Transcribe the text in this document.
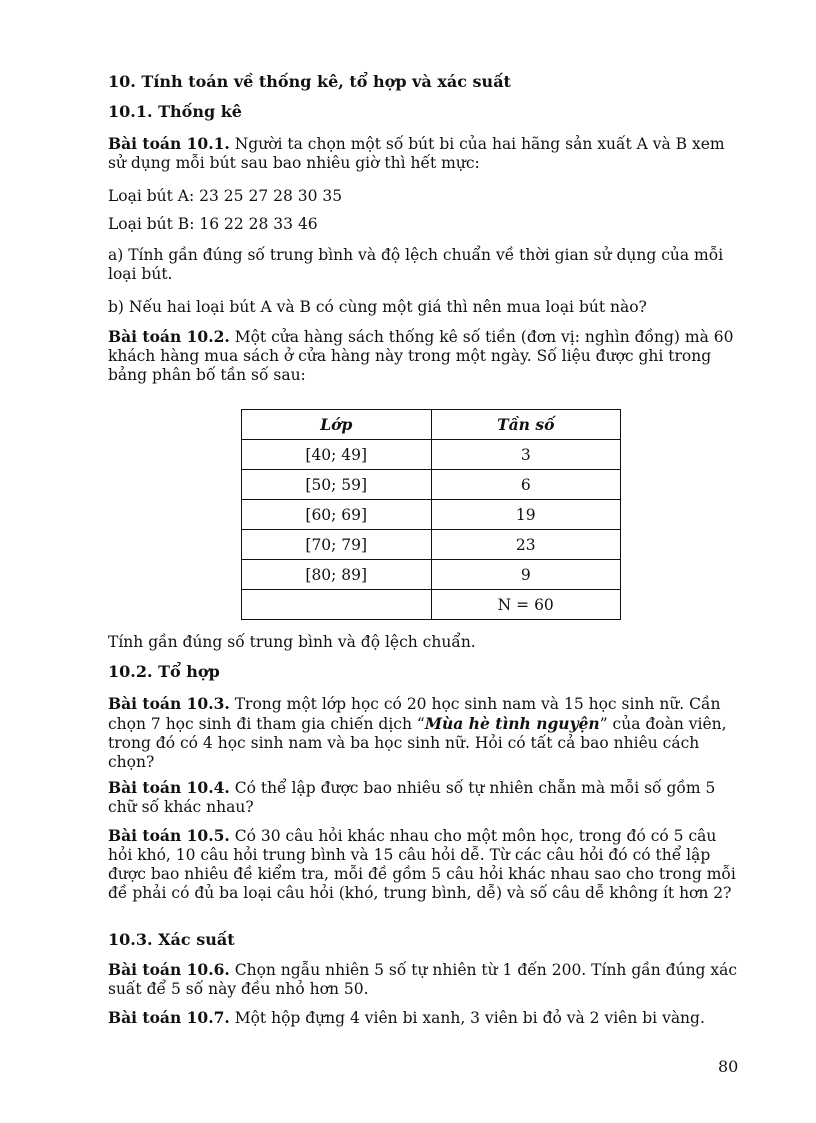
10. Tính toán về thống kê, tổ hợp và xác suất
10.1. Thống kê
Bài toán 10.1. Người ta chọn một số bút bi của hai hãng sản xuất A và B xem sử dụng mỗi bút sau bao nhiêu giờ thì hết mực:
Loại bút A: 23 25 27 28 30 35
Loại bút B: 16 22 28 33 46
a) Tính gần đúng số trung bình và độ lệch chuẩn về thời gian sử dụng của mỗi loại bút.
b) Nếu hai loại bút A và B có cùng một giá thì nên mua loại bút nào?
Bài toán 10.2. Một cửa hàng sách thống kê số tiền (đơn vị: nghìn đồng) mà 60 khách hàng mua sách ở cửa hàng này trong một ngày. Số liệu được ghi trong bảng phân bố tần số sau:
Lớp	Tần số
[40; 49]	3
[50; 59]	6
[60; 69]	19
[70; 79]	23
[80; 89]	9
	N = 60
Tính gần đúng số trung bình và độ lệch chuẩn.
10.2. Tổ hợp
Bài toán 10.3. Trong một lớp học có 20 học sinh nam và 15 học sinh nữ. Cần chọn 7 học sinh đi tham gia chiến dịch “Mùa hè tình nguyện” của đoàn viên, trong đó có 4 học sinh nam và ba học sinh nữ. Hỏi có tất cả bao nhiêu cách chọn?
Bài toán 10.4. Có thể lập được bao nhiêu số tự nhiên chẵn mà mỗi số gồm 5 chữ số khác nhau?
Bài toán 10.5. Có 30 câu hỏi khác nhau cho một môn học, trong đó có 5 câu hỏi khó, 10 câu hỏi trung bình và 15 câu hỏi dễ. Từ các câu hỏi đó có thể lập được bao nhiêu đề kiểm tra, mỗi đề gồm 5 câu hỏi khác nhau sao cho trong mỗi đề phải có đủ ba loại câu hỏi (khó, trung bình, dễ) và số câu dễ không ít hơn 2?
10.3. Xác suất
Bài toán 10.6. Chọn ngẫu nhiên 5 số tự nhiên từ 1 đến 200. Tính gần đúng xác suất để 5 số này đều nhỏ hơn 50.
Bài toán 10.7. Một hộp đựng 4 viên bi xanh, 3 viên bi đỏ và 2 viên bi vàng.
80
